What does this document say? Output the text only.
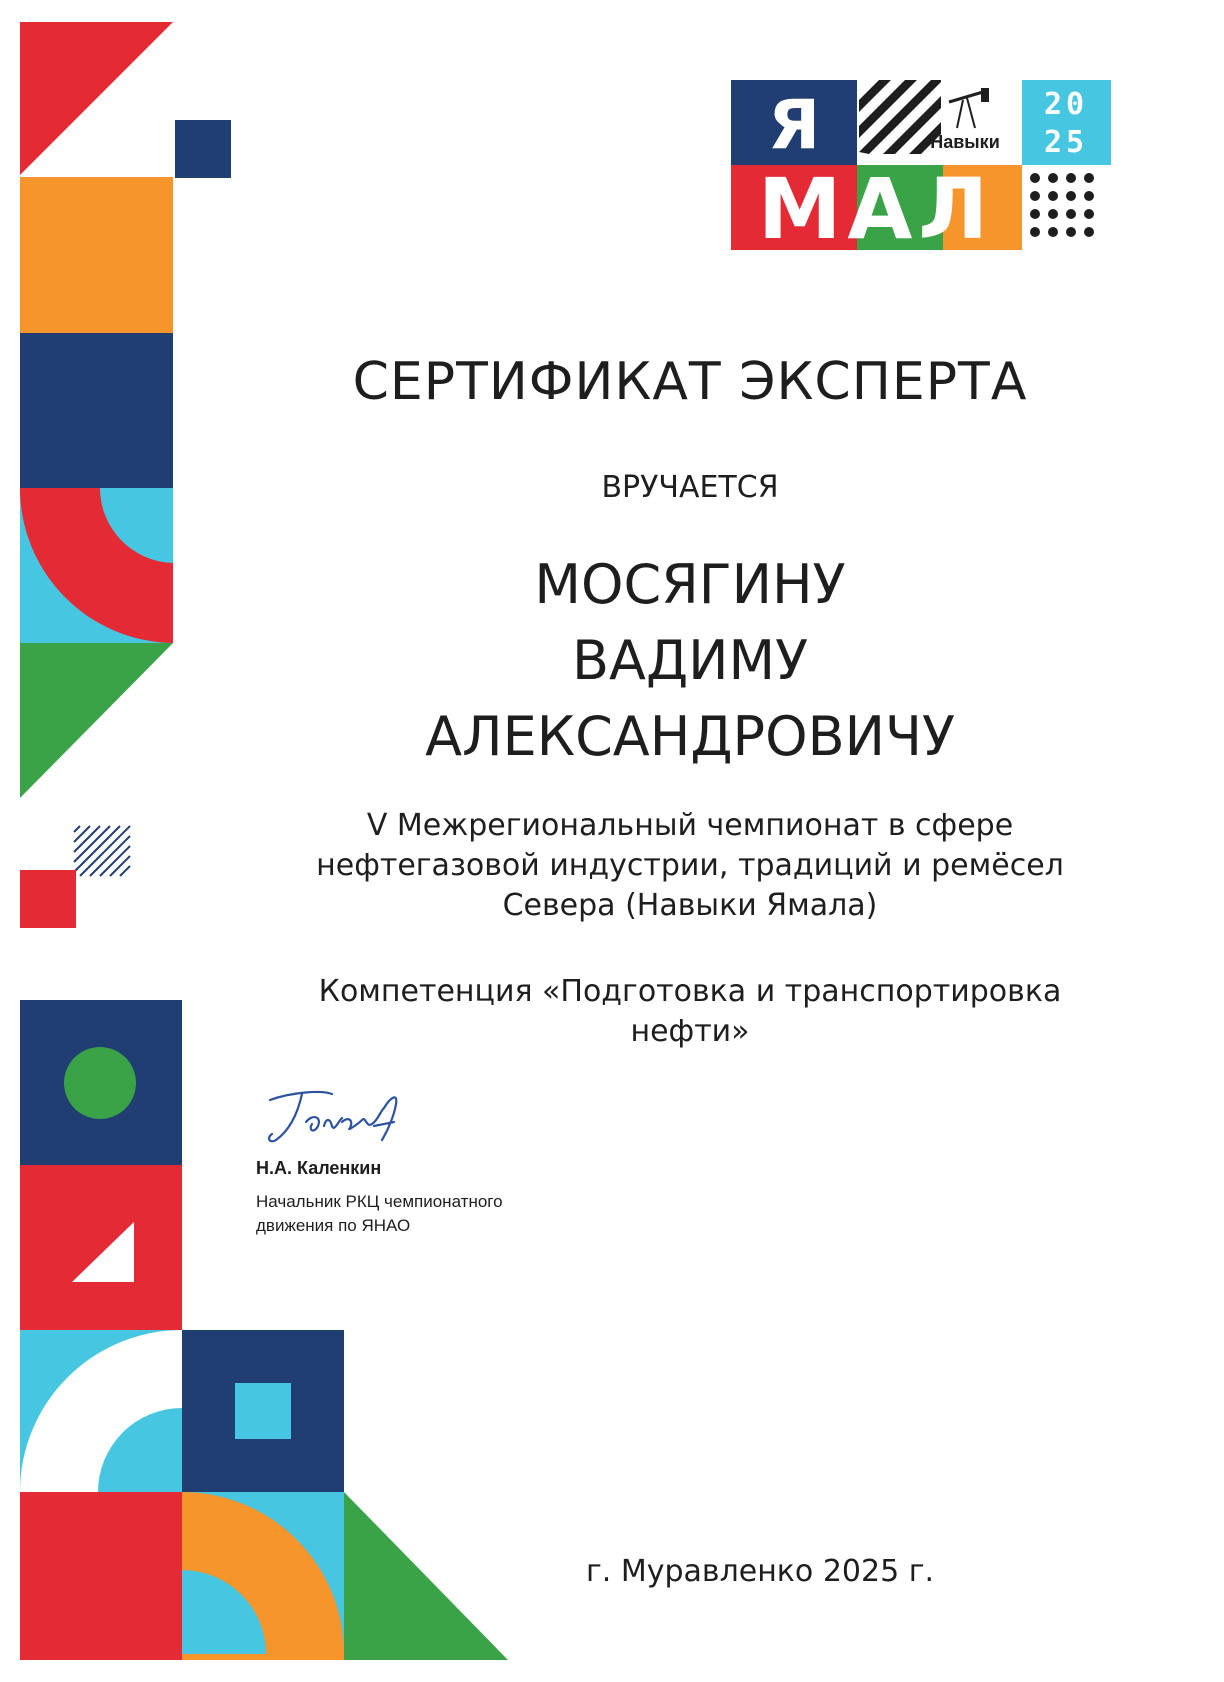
Я	Навыки
20
25
МАЛ
СЕРТИФИКАТ ЭКСПЕРТА
ВРУЧАЕТСЯ
МОСЯГИНУ
ВАДИМУ
АЛЕКСАНДРОВИЧУ
V Межрегиональный чемпионат в сфере
нефтегазовой индустрии, традиций и ремёсел
Севера (Навыки Ямала)
Компетенция «Подготовка и транспортировка
нефти»
Н.А. Каленкин
Начальник РКЦ чемпионатного
движения по ЯНАО
г. Муравленко 2025 г.
